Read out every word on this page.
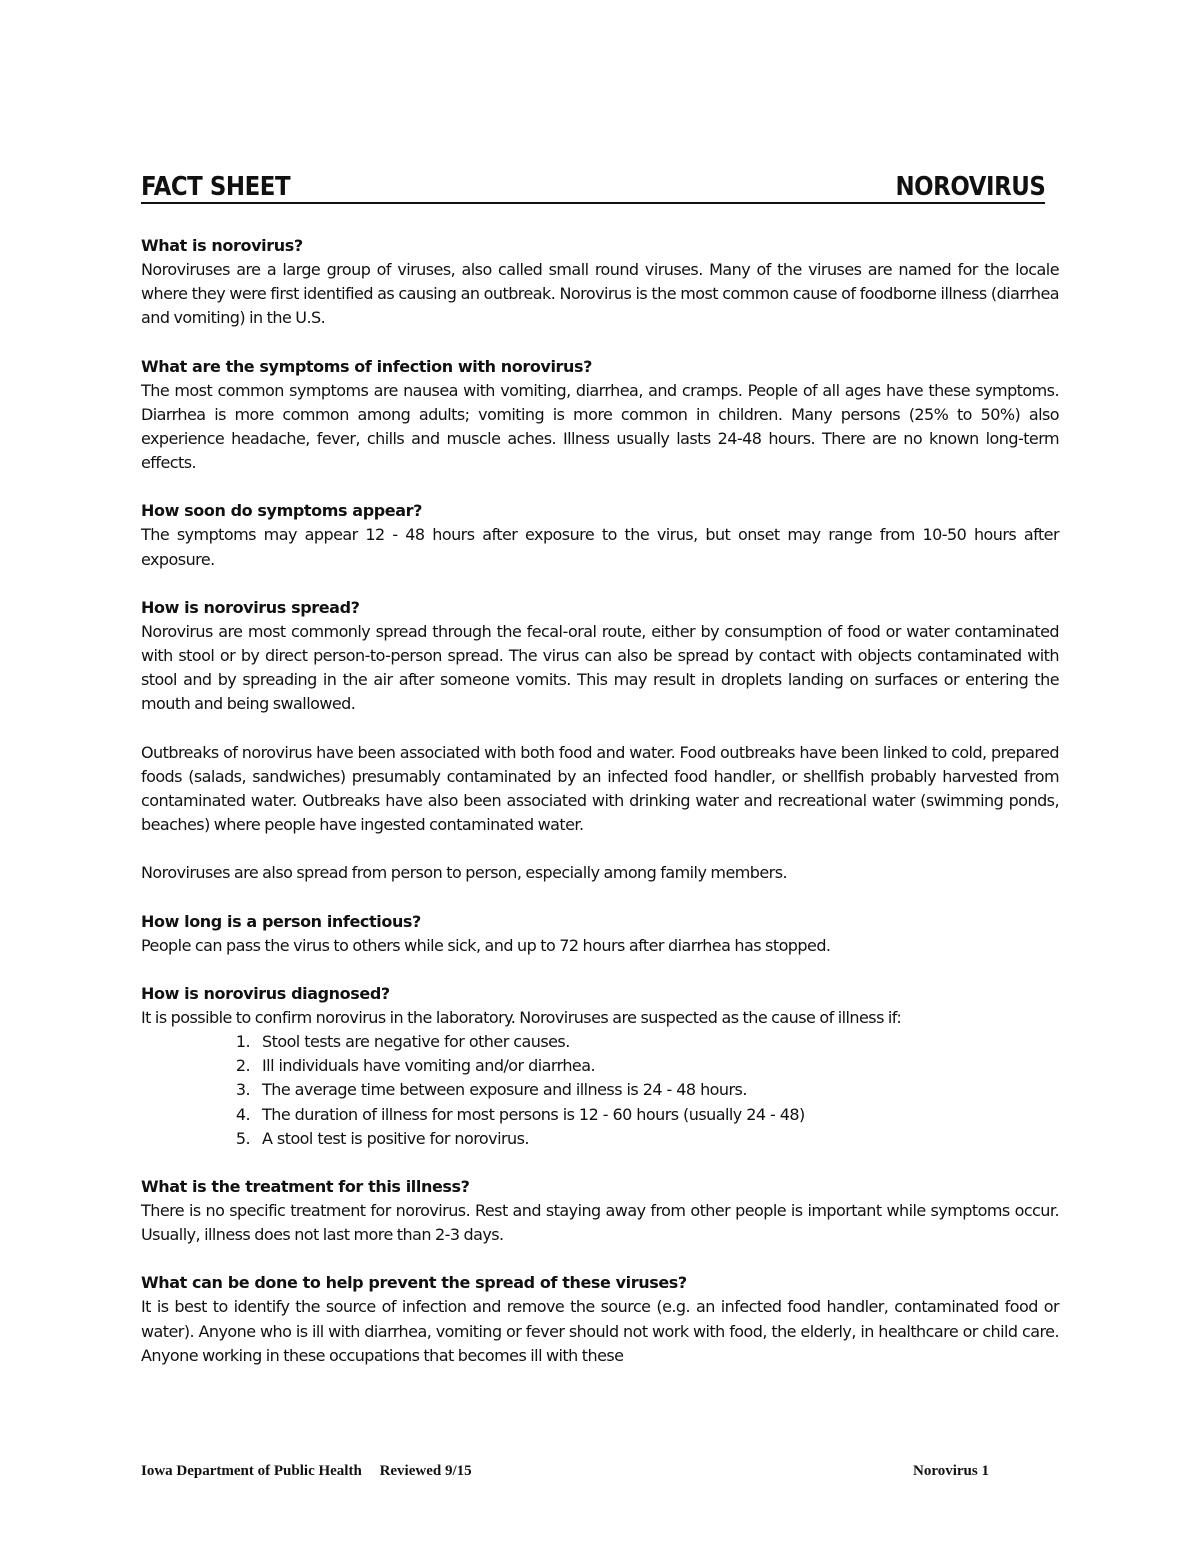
FACT SHEET	NOROVIRUS

What is norovirus?

Noroviruses are a large group of viruses, also called small round viruses. Many of the viruses are named for the locale where they were first identified as causing an outbreak. Norovirus is the most common cause of foodborne illness (diarrhea and vomiting) in the U.S.

What are the symptoms of infection with norovirus?

The most common symptoms are nausea with vomiting, diarrhea, and cramps. People of all ages have these symptoms. Diarrhea is more common among adults; vomiting is more common in children. Many persons (25% to 50%) also experience headache, fever, chills and muscle aches. Illness usually lasts 24-48 hours. There are no known long-term effects.

How soon do symptoms appear?

The symptoms may appear 12 - 48 hours after exposure to the virus, but onset may range from 10-50 hours after exposure.

How is norovirus spread?

Norovirus are most commonly spread through the fecal-oral route, either by consumption of food or water contaminated with stool or by direct person-to-person spread. The virus can also be spread by contact with objects contaminated with stool and by spreading in the air after someone vomits. This may result in droplets landing on surfaces or entering the mouth and being swallowed.

Outbreaks of norovirus have been associated with both food and water. Food outbreaks have been linked to cold, prepared foods (salads, sandwiches) presumably contaminated by an infected food handler, or shellfish probably harvested from contaminated water. Outbreaks have also been associated with drinking water and recreational water (swimming ponds, beaches) where people have ingested contaminated water.

Noroviruses are also spread from person to person, especially among family members.

How long is a person infectious?

People can pass the virus to others while sick, and up to 72 hours after diarrhea has stopped.

How is norovirus diagnosed?

It is possible to confirm norovirus in the laboratory. Noroviruses are suspected as the cause of illness if:

1. Stool tests are negative for other causes.
2. Ill individuals have vomiting and/or diarrhea.
3. The average time between exposure and illness is 24 - 48 hours.
4. The duration of illness for most persons is 12 - 60 hours (usually 24 - 48)
5. A stool test is positive for norovirus.

What is the treatment for this illness?

There is no specific treatment for norovirus. Rest and staying away from other people is important while symptoms occur. Usually, illness does not last more than 2-3 days.

What can be done to help prevent the spread of these viruses?

It is best to identify the source of infection and remove the source (e.g. an infected food handler, contaminated food or water). Anyone who is ill with diarrhea, vomiting or fever should not work with food, the elderly, in healthcare or child care. Anyone working in these occupations that becomes ill with these

Iowa Department of Public Health Reviewed 9/15	Norovirus 1
